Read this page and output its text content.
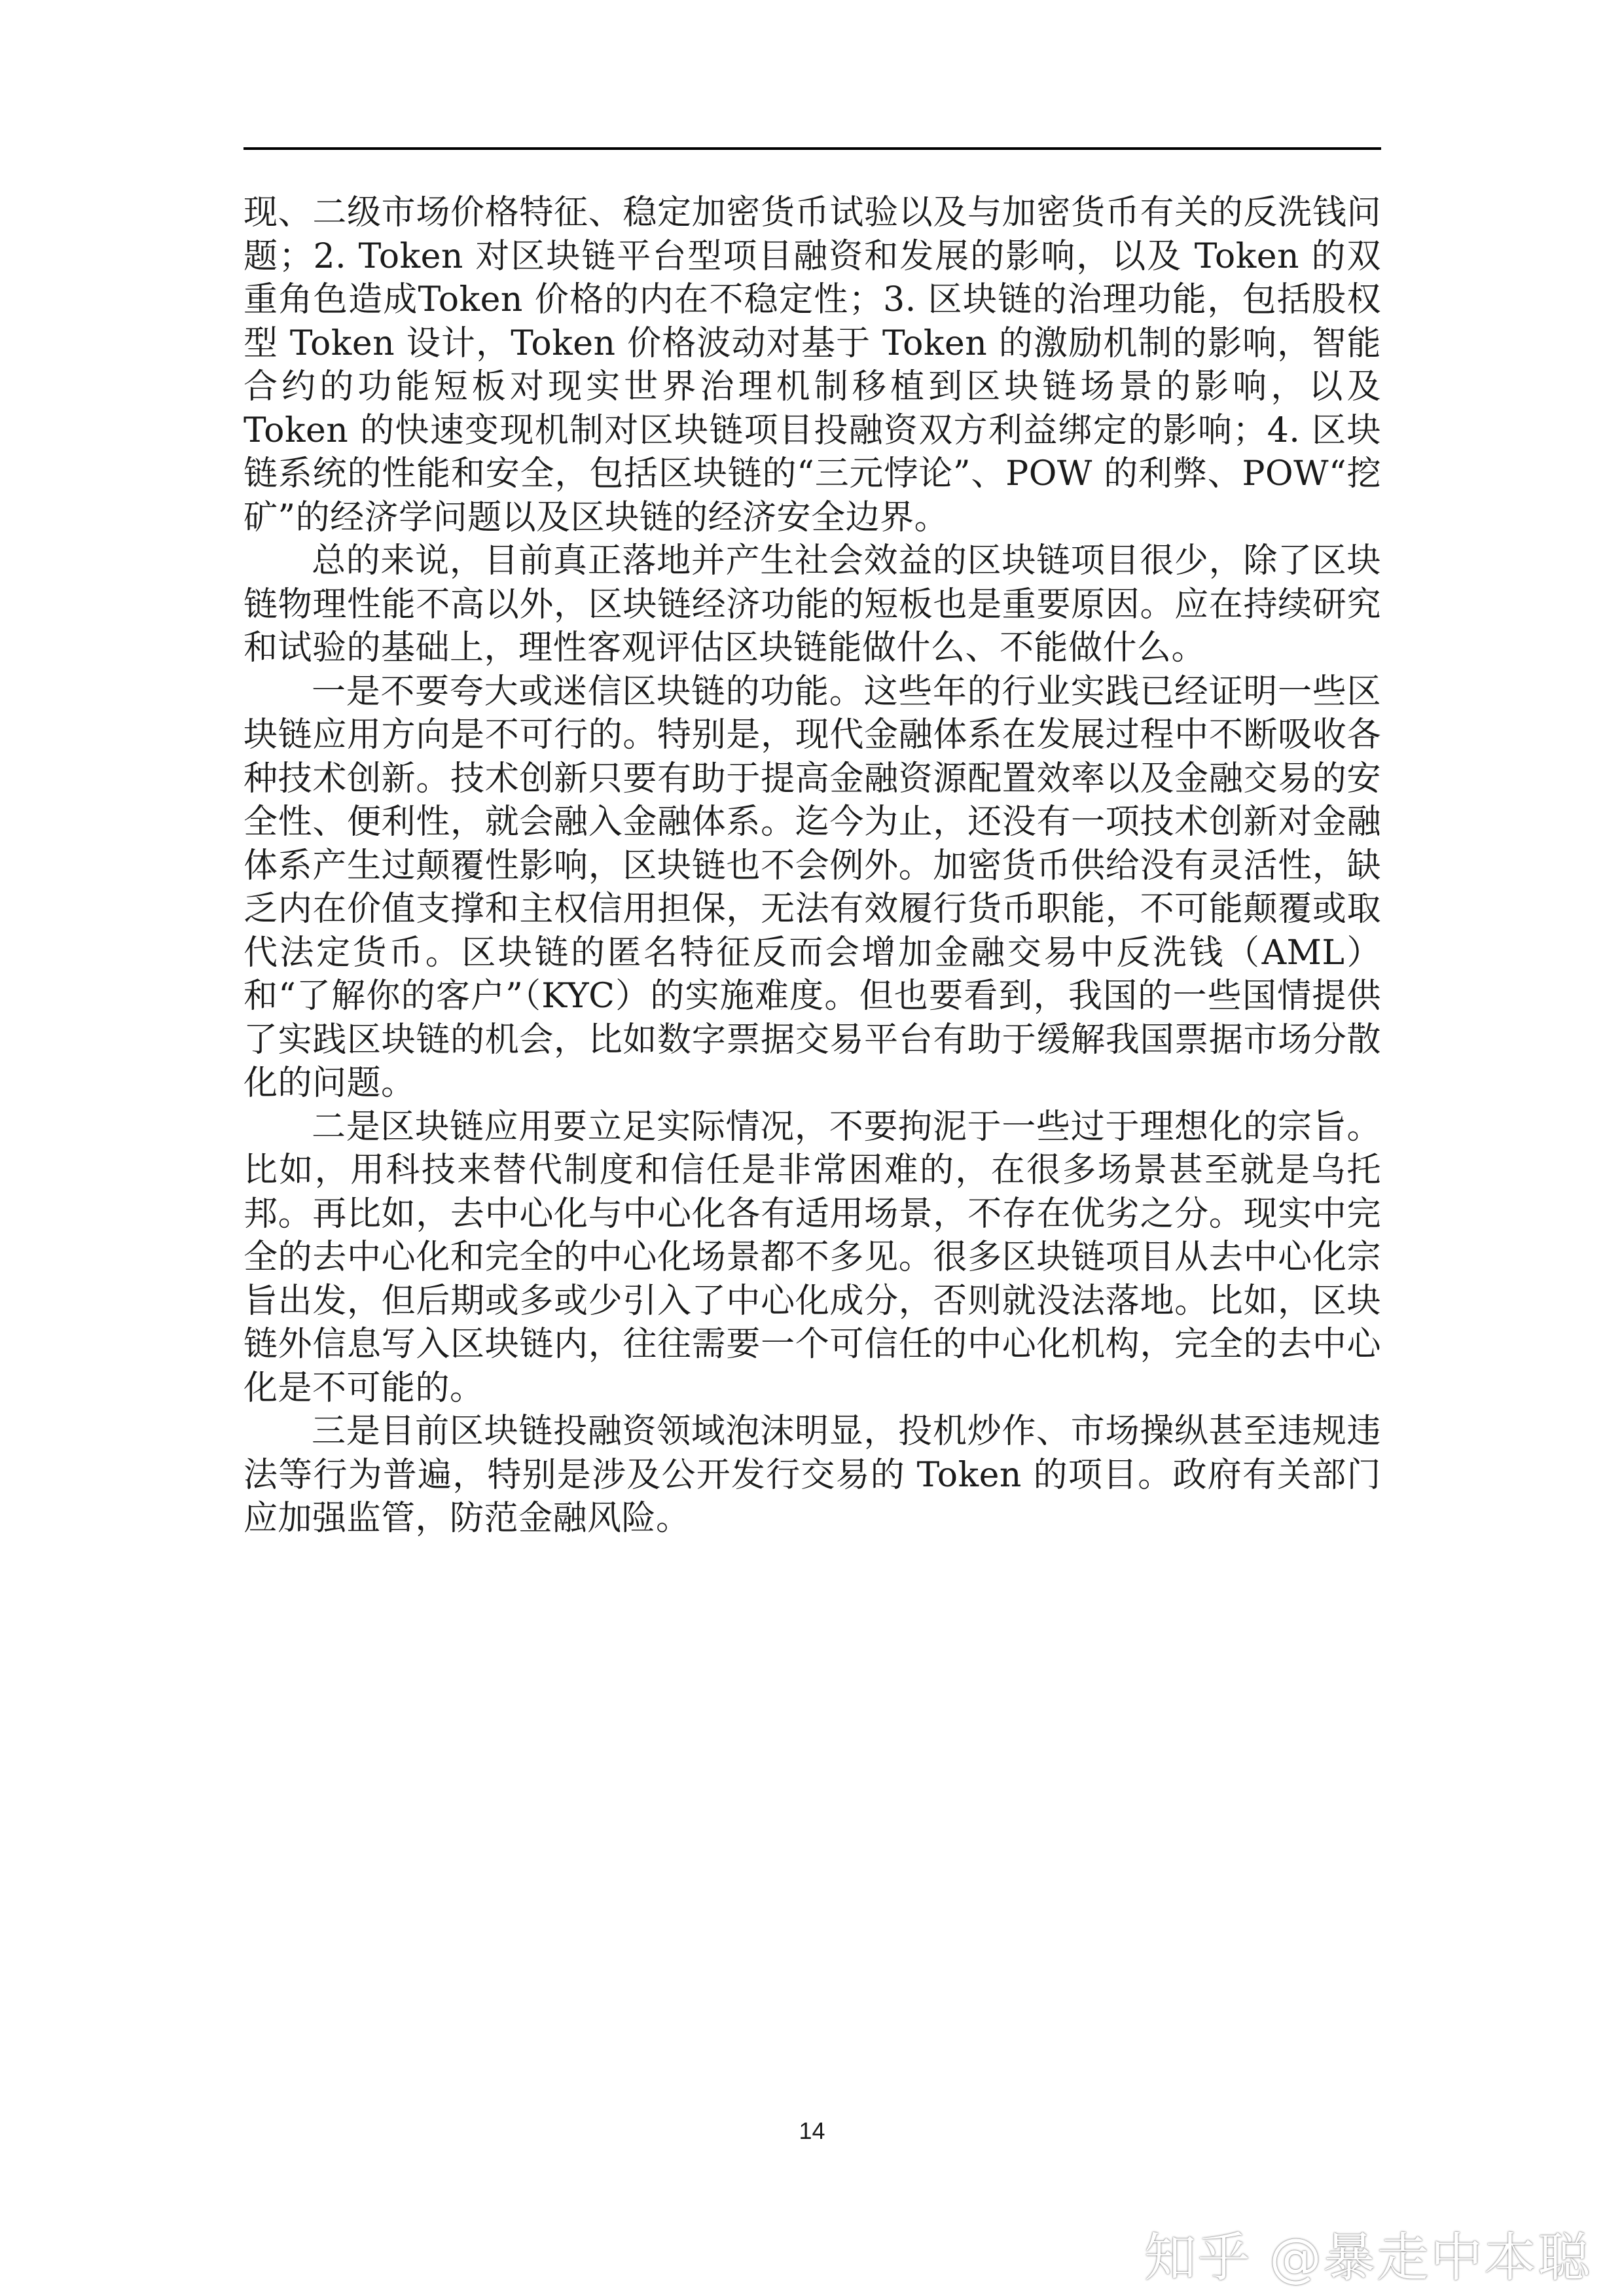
现、二级市场价格特征、稳定加密货币试验以及与加密货币有关的反洗钱问题；2. Token 对区块链平台型项目融资和发展的影响，以及 Token 的双重角色造成Token 价格的内在不稳定性；3. 区块链的治理功能，包括股权型 Token 设计，Token 价格波动对基于 Token 的激励机制的影响，智能合约的功能短板对现实世界治理机制移植到区块链场景的影响，以及 Token 的快速变现机制对区块链项目投融资双方利益绑定的影响；4. 区块链系统的性能和安全，包括区块链的“三元悖论”、POW 的利弊、POW“挖矿”的经济学问题以及区块链的经济安全边界。

总的来说，目前真正落地并产生社会效益的区块链项目很少，除了区块链物理性能不高以外，区块链经济功能的短板也是重要原因。应在持续研究和试验的基础上，理性客观评估区块链能做什么、不能做什么。

一是不要夸大或迷信区块链的功能。这些年的行业实践已经证明一些区块链应用方向是不可行的。特别是，现代金融体系在发展过程中不断吸收各种技术创新。技术创新只要有助于提高金融资源配置效率以及金融交易的安全性、便利性，就会融入金融体系。迄今为止，还没有一项技术创新对金融体系产生过颠覆性影响，区块链也不会例外。加密货币供给没有灵活性，缺乏内在价值支撑和主权信用担保，无法有效履行货币职能，不可能颠覆或取代法定货币。区块链的匿名特征反而会增加金融交易中反洗钱（AML）和“了解你的客户”（KYC）的实施难度。但也要看到，我国的一些国情提供了实践区块链的机会，比如数字票据交易平台有助于缓解我国票据市场分散化的问题。

二是区块链应用要立足实际情况，不要拘泥于一些过于理想化的宗旨。比如，用科技来替代制度和信任是非常困难的，在很多场景甚至就是乌托邦。再比如，去中心化与中心化各有适用场景，不存在优劣之分。现实中完全的去中心化和完全的中心化场景都不多见。很多区块链项目从去中心化宗旨出发，但后期或多或少引入了中心化成分，否则就没法落地。比如，区块链外信息写入区块链内，往往需要一个可信任的中心化机构，完全的去中心化是不可能的。

三是目前区块链投融资领域泡沫明显，投机炒作、市场操纵甚至违规违法等行为普遍，特别是涉及公开发行交易的 Token 的项目。政府有关部门应加强监管，防范金融风险。

14
知乎 @暴走中本聪
